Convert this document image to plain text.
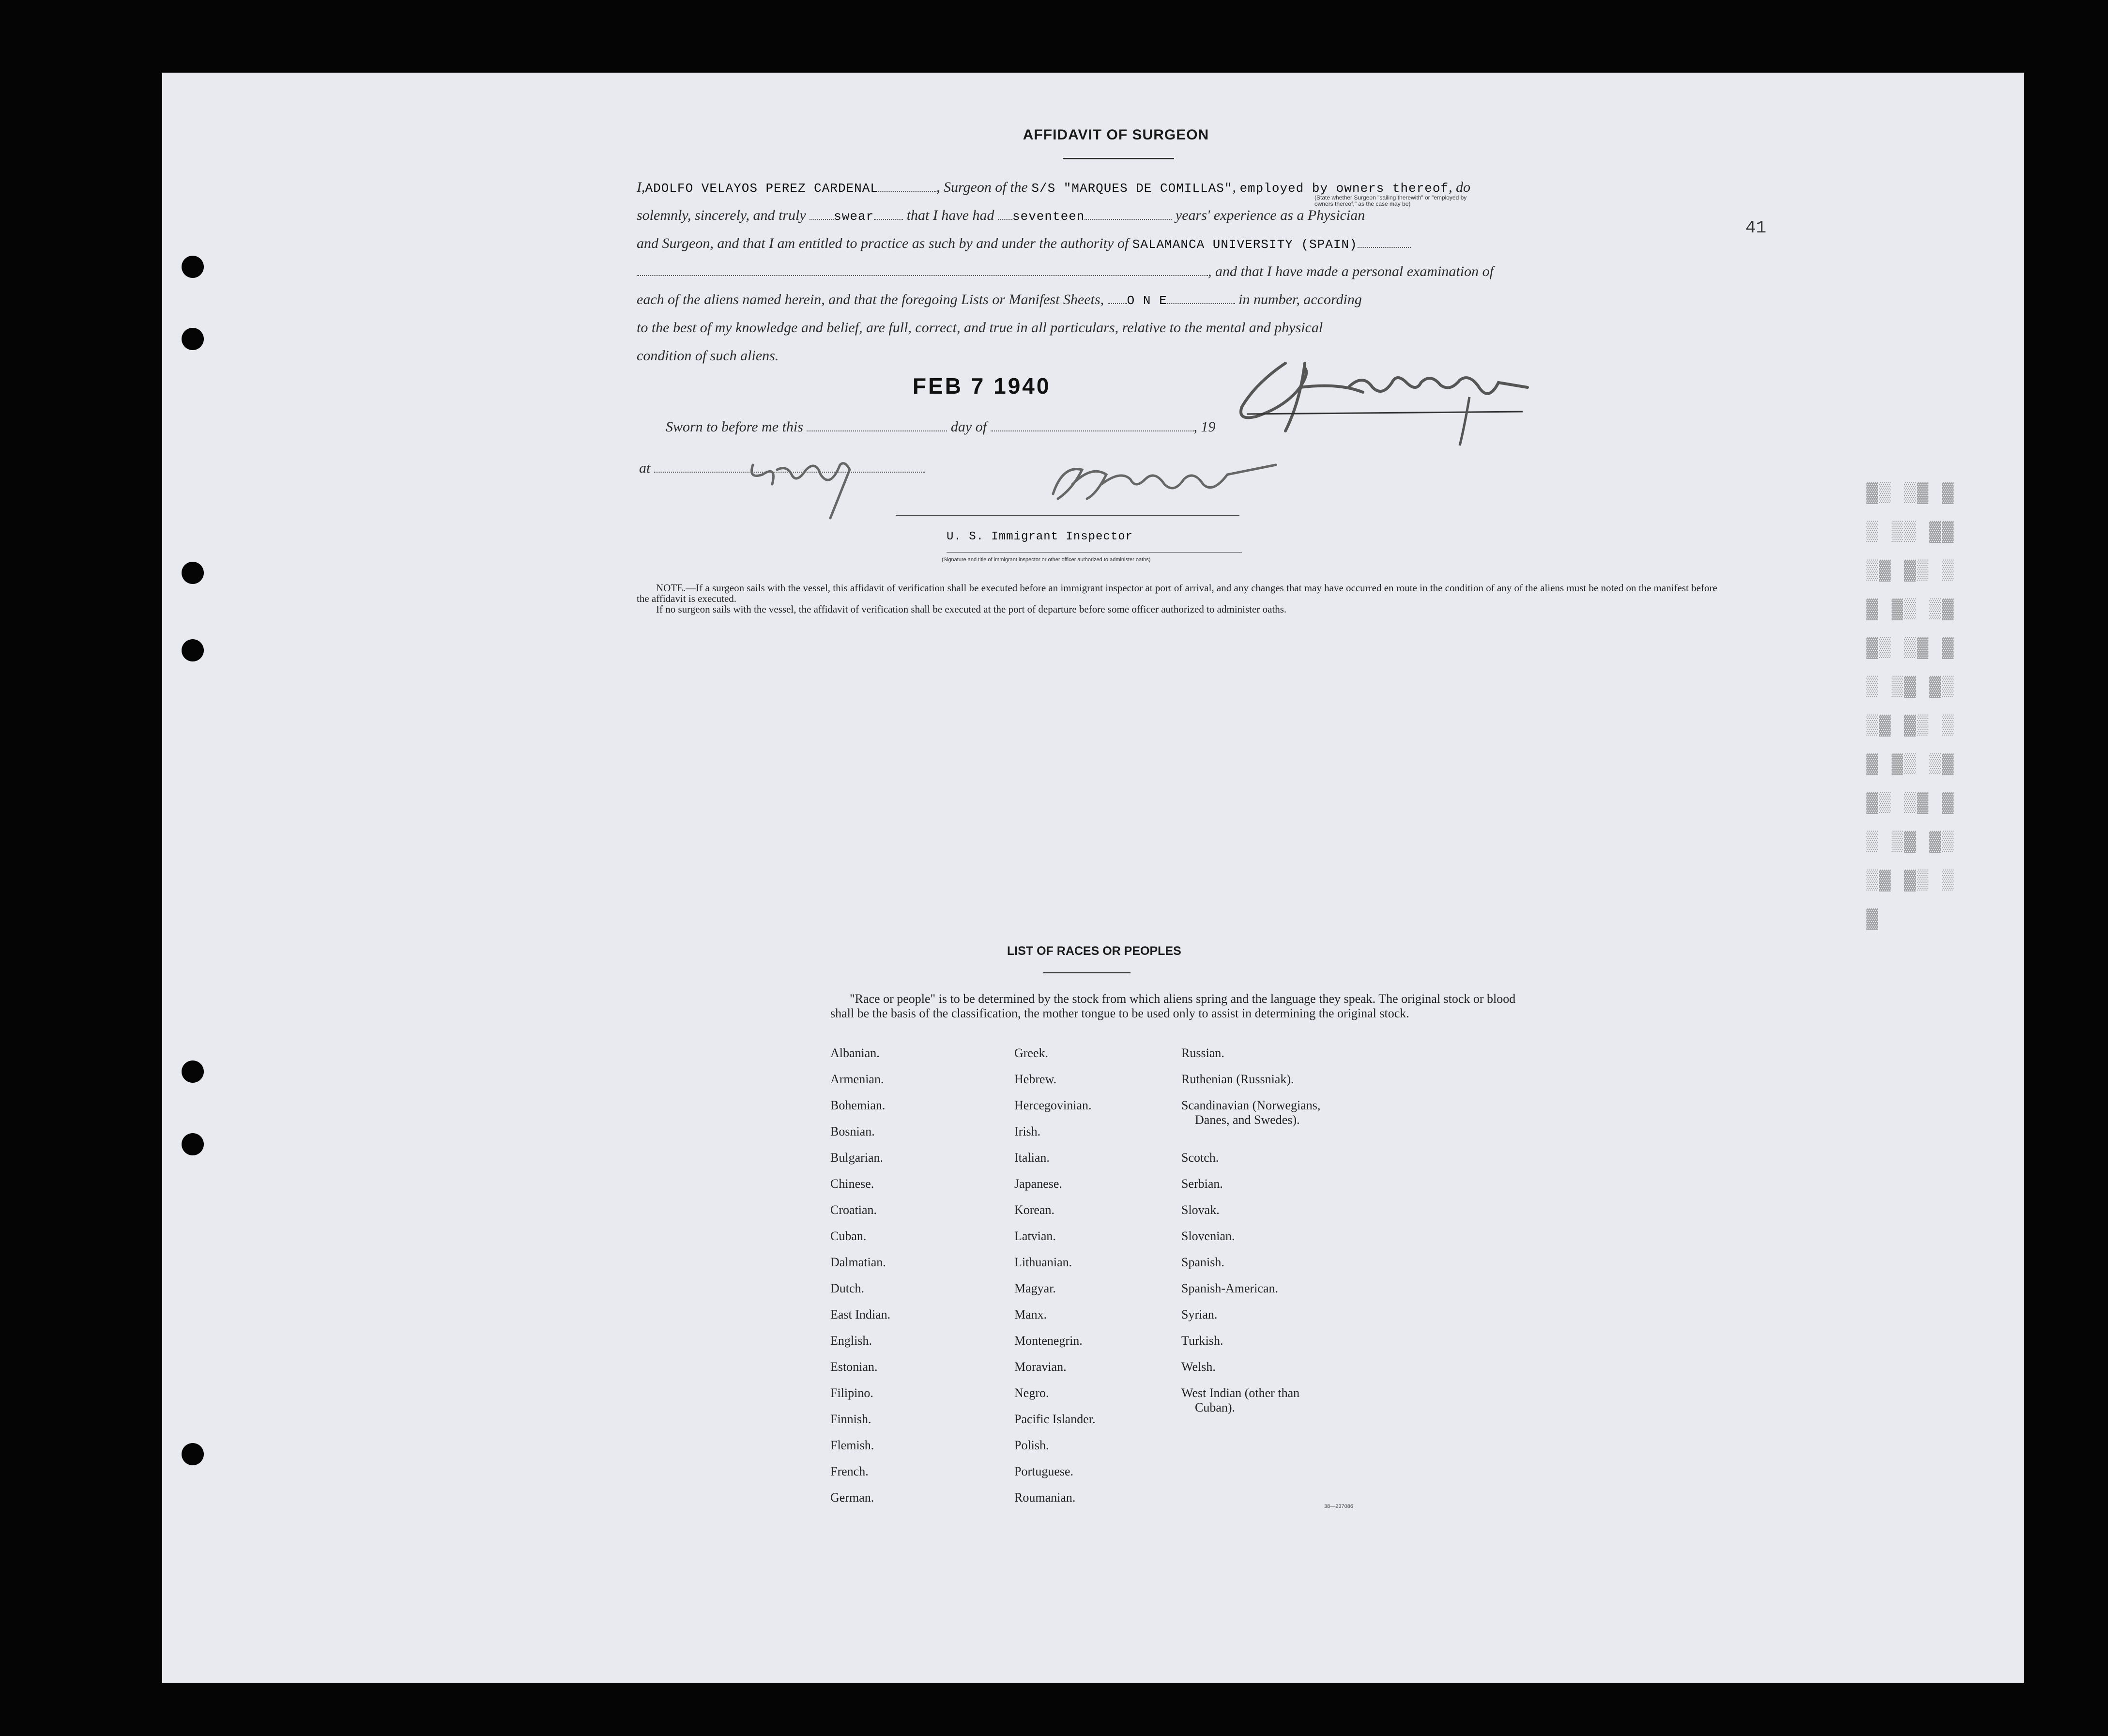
AFFIDAVIT OF SURGEON
41
I,ADOLFO VELAYOS PEREZ CARDENAL	, Surgeon of the S/S "MARQUES DE COMILLAS", employed by owners thereof, do
(State whether Surgeon "sailing therewith" or "employed by owners thereof," as the case may be)
solemnly, sincerely, and truly swear that I have had seventeen	years' experience as a Physician
and Surgeon, and that I am entitled to practice as such by and under the authority of SALAMANCA UNIVERSITY (SPAIN)
, and that I have made a personal examination of
each of the aliens named herein, and that the foregoing Lists or Manifest Sheets, O N E	in number, according
to the best of my knowledge and belief, are full, correct, and true in all particulars, relative to the mental and physical
condition of such aliens.
FEB 7 1940
Sworn to before me this	day of	, 19
at
U. S. Immigrant Inspector
(Signature and title of immigrant inspector or other officer authorized to administer oaths)
NOTE.—If a surgeon sails with the vessel, this affidavit of verification shall be executed before an immigrant inspector at port of arrival, and any changes that may have occurred en route in the condition of any of the aliens must be noted on the manifest before the affidavit is executed.
If no surgeon sails with the vessel, the affidavit of verification shall be executed at the port of departure before some officer authorized to administer oaths.
▓▒ ▒▓ ▓▒ ▒▒ ▓▓ ▒▓ ▓▒ ▒▓ ▓▒ ▒▓ ▓▒ ▒▓ ▓▒ ▒▓ ▓▒ ▒▓ ▓▒ ▒▓ ▓▒ ▒▓ ▓▒ ▒▓ ▓▒ ▒▓ ▓▒ ▒▓ ▓▒ ▒▓
LIST OF RACES OR PEOPLES
"Race or people" is to be determined by the stock from which aliens spring and the language they speak. The original stock or blood shall be the basis of the classification, the mother tongue to be used only to assist in determining the original stock.
Albanian.
Armenian.
Bohemian.
Bosnian.
Bulgarian.
Chinese.
Croatian.
Cuban.
Dalmatian.
Dutch.
East Indian.
English.
Estonian.
Filipino.
Finnish.
Flemish.
French.
German.
Greek.
Hebrew.
Hercegovinian.
Irish.
Italian.
Japanese.
Korean.
Latvian.
Lithuanian.
Magyar.
Manx.
Montenegrin.
Moravian.
Negro.
Pacific Islander.
Polish.
Portuguese.
Roumanian.
Russian.
Ruthenian (Russniak).
Scandinavian (Norwegians,
Danes, and Swedes).
Scotch.
Serbian.
Slovak.
Slovenian.
Spanish.
Spanish-American.
Syrian.
Turkish.
Welsh.
West Indian (other than
Cuban).
38—237086
